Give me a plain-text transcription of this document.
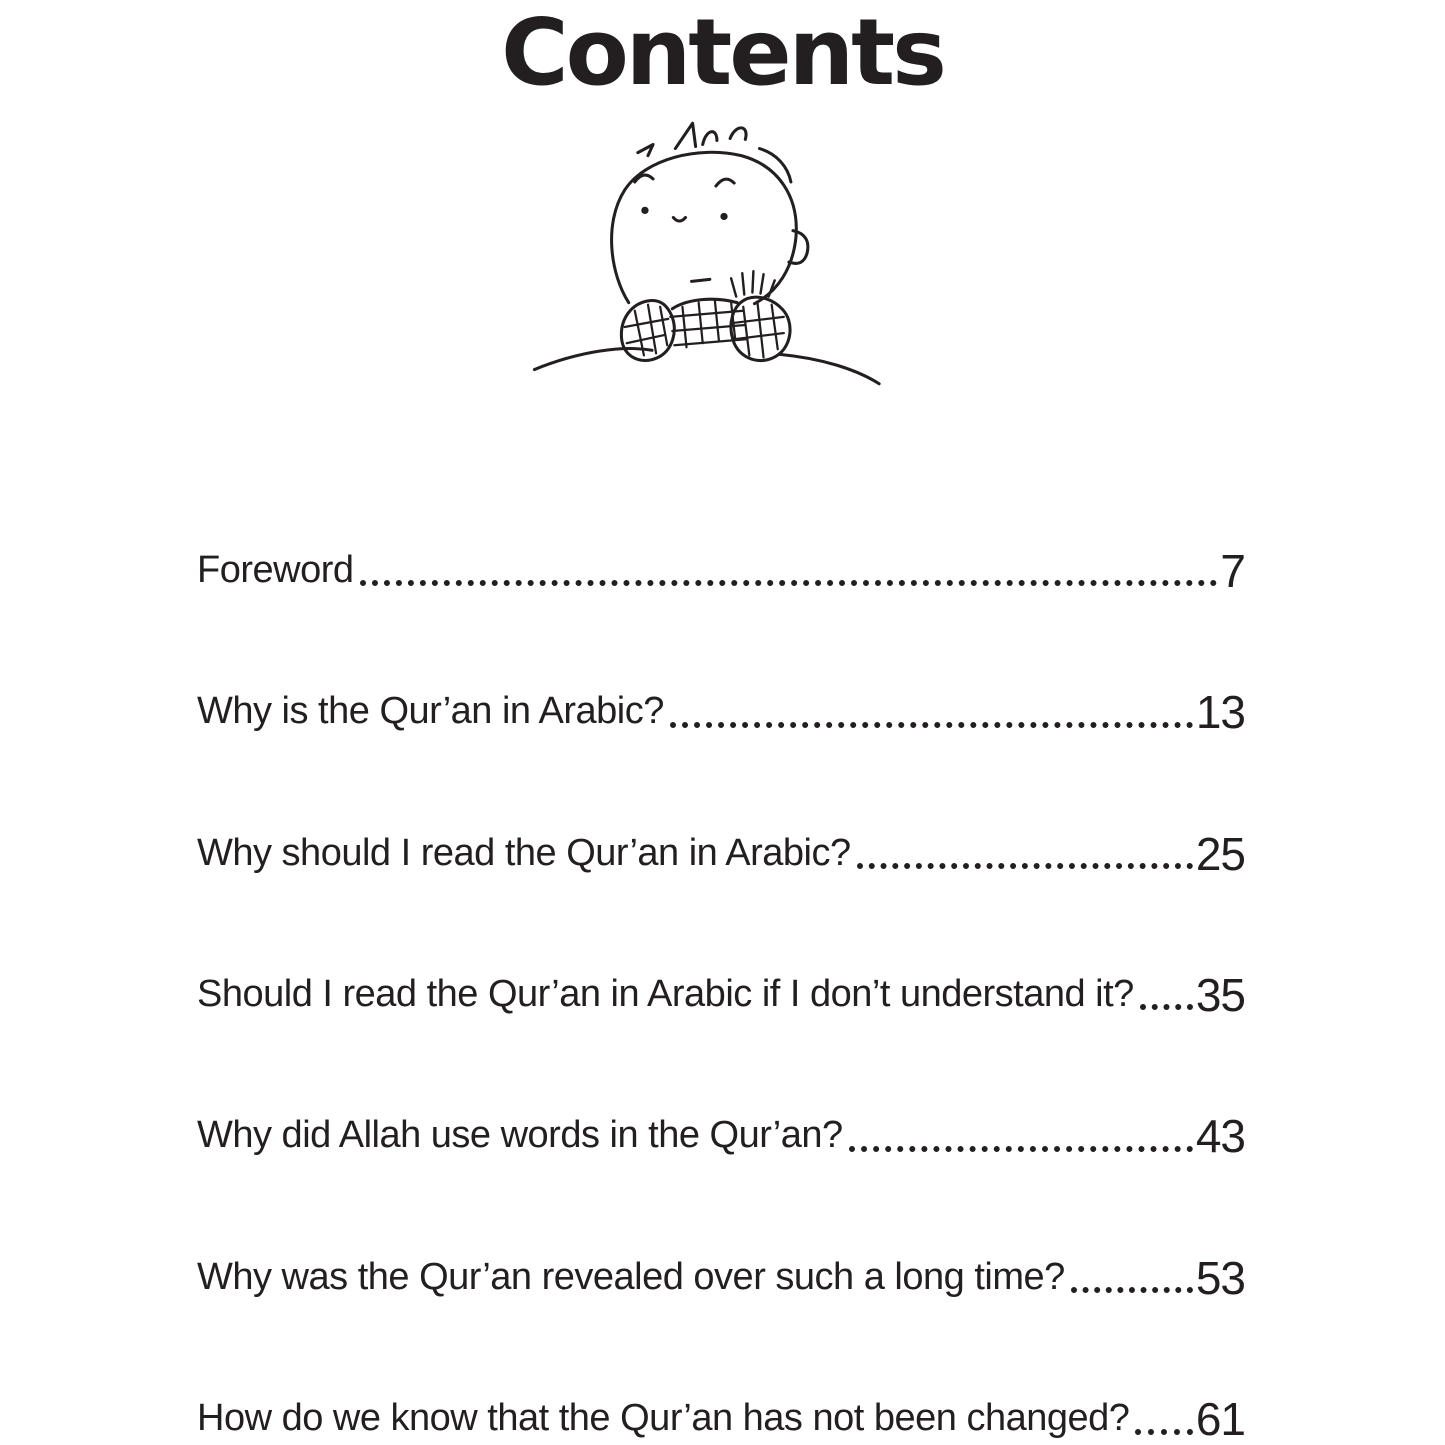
Contents
Foreword	7
Why is the Qur’an in Arabic?	13
Why should I read the Qur’an in Arabic?	25
Should I read the Qur’an in Arabic if I don’t understand it? 35
Why did Allah use words in the Qur’an?	43
Why was the Qur’an revealed over such a long time?	53
How do we know that the Qur’an has not been changed? 61
